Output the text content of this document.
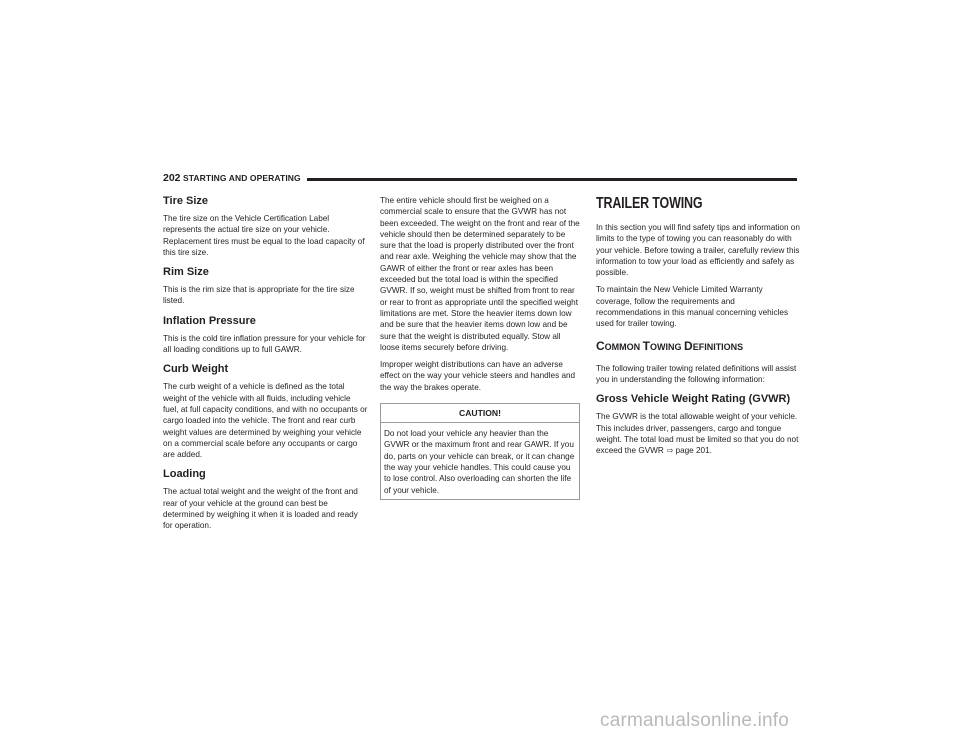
202 STARTING AND OPERATING
Tire Size

The tire size on the Vehicle Certification Label represents the actual tire size on your vehicle. Replacement tires must be equal to the load capacity of this tire size.

Rim Size

This is the rim size that is appropriate for the tire size listed.

Inflation Pressure

This is the cold tire inflation pressure for your vehicle for all loading conditions up to full GAWR.

Curb Weight

The curb weight of a vehicle is defined as the total weight of the vehicle with all fluids, including vehicle fuel, at full capacity conditions, and with no occupants or cargo loaded into the vehicle. The front and rear curb weight values are determined by weighing your vehicle on a commercial scale before any occupants or cargo are added.

Loading

The actual total weight and the weight of the front and rear of your vehicle at the ground can best be determined by weighing it when it is loaded and ready for operation.

The entire vehicle should first be weighed on a commercial scale to ensure that the GVWR has not been exceeded. The weight on the front and rear of the vehicle should then be determined separately to be sure that the load is properly distributed over the front and rear axle. Weighing the vehicle may show that the GAWR of either the front or rear axles has been exceeded but the total load is within the specified GVWR. If so, weight must be shifted from front to rear or rear to front as appropriate until the specified weight limitations are met. Store the heavier items down low and be sure that the heavier items down low and be sure that the weight is distributed equally. Stow all loose items securely before driving.

Improper weight distributions can have an adverse effect on the way your vehicle steers and handles and the way the brakes operate.

CAUTION!
Do not load your vehicle any heavier than the GVWR or the maximum front and rear GAWR. If you do, parts on your vehicle can break, or it can change the way your vehicle handles. This could cause you to lose control. Also overloading can shorten the life of your vehicle.
TRAILER TOWING

In this section you will find safety tips and information on limits to the type of towing you can reasonably do with your vehicle. Before towing a trailer, carefully review this information to tow your load as efficiently and safely as possible.

To maintain the New Vehicle Limited Warranty coverage, follow the requirements and recommendations in this manual concerning vehicles used for trailer towing.

COMMON TOWING DEFINITIONS

The following trailer towing related definitions will assist you in understanding the following information:

Gross Vehicle Weight Rating (GVWR)

The GVWR is the total allowable weight of your vehicle. This includes driver, passengers, cargo and tongue weight. The total load must be limited so that you do not exceed the GVWR ⇨ page 201.

carmanualsonline.info
